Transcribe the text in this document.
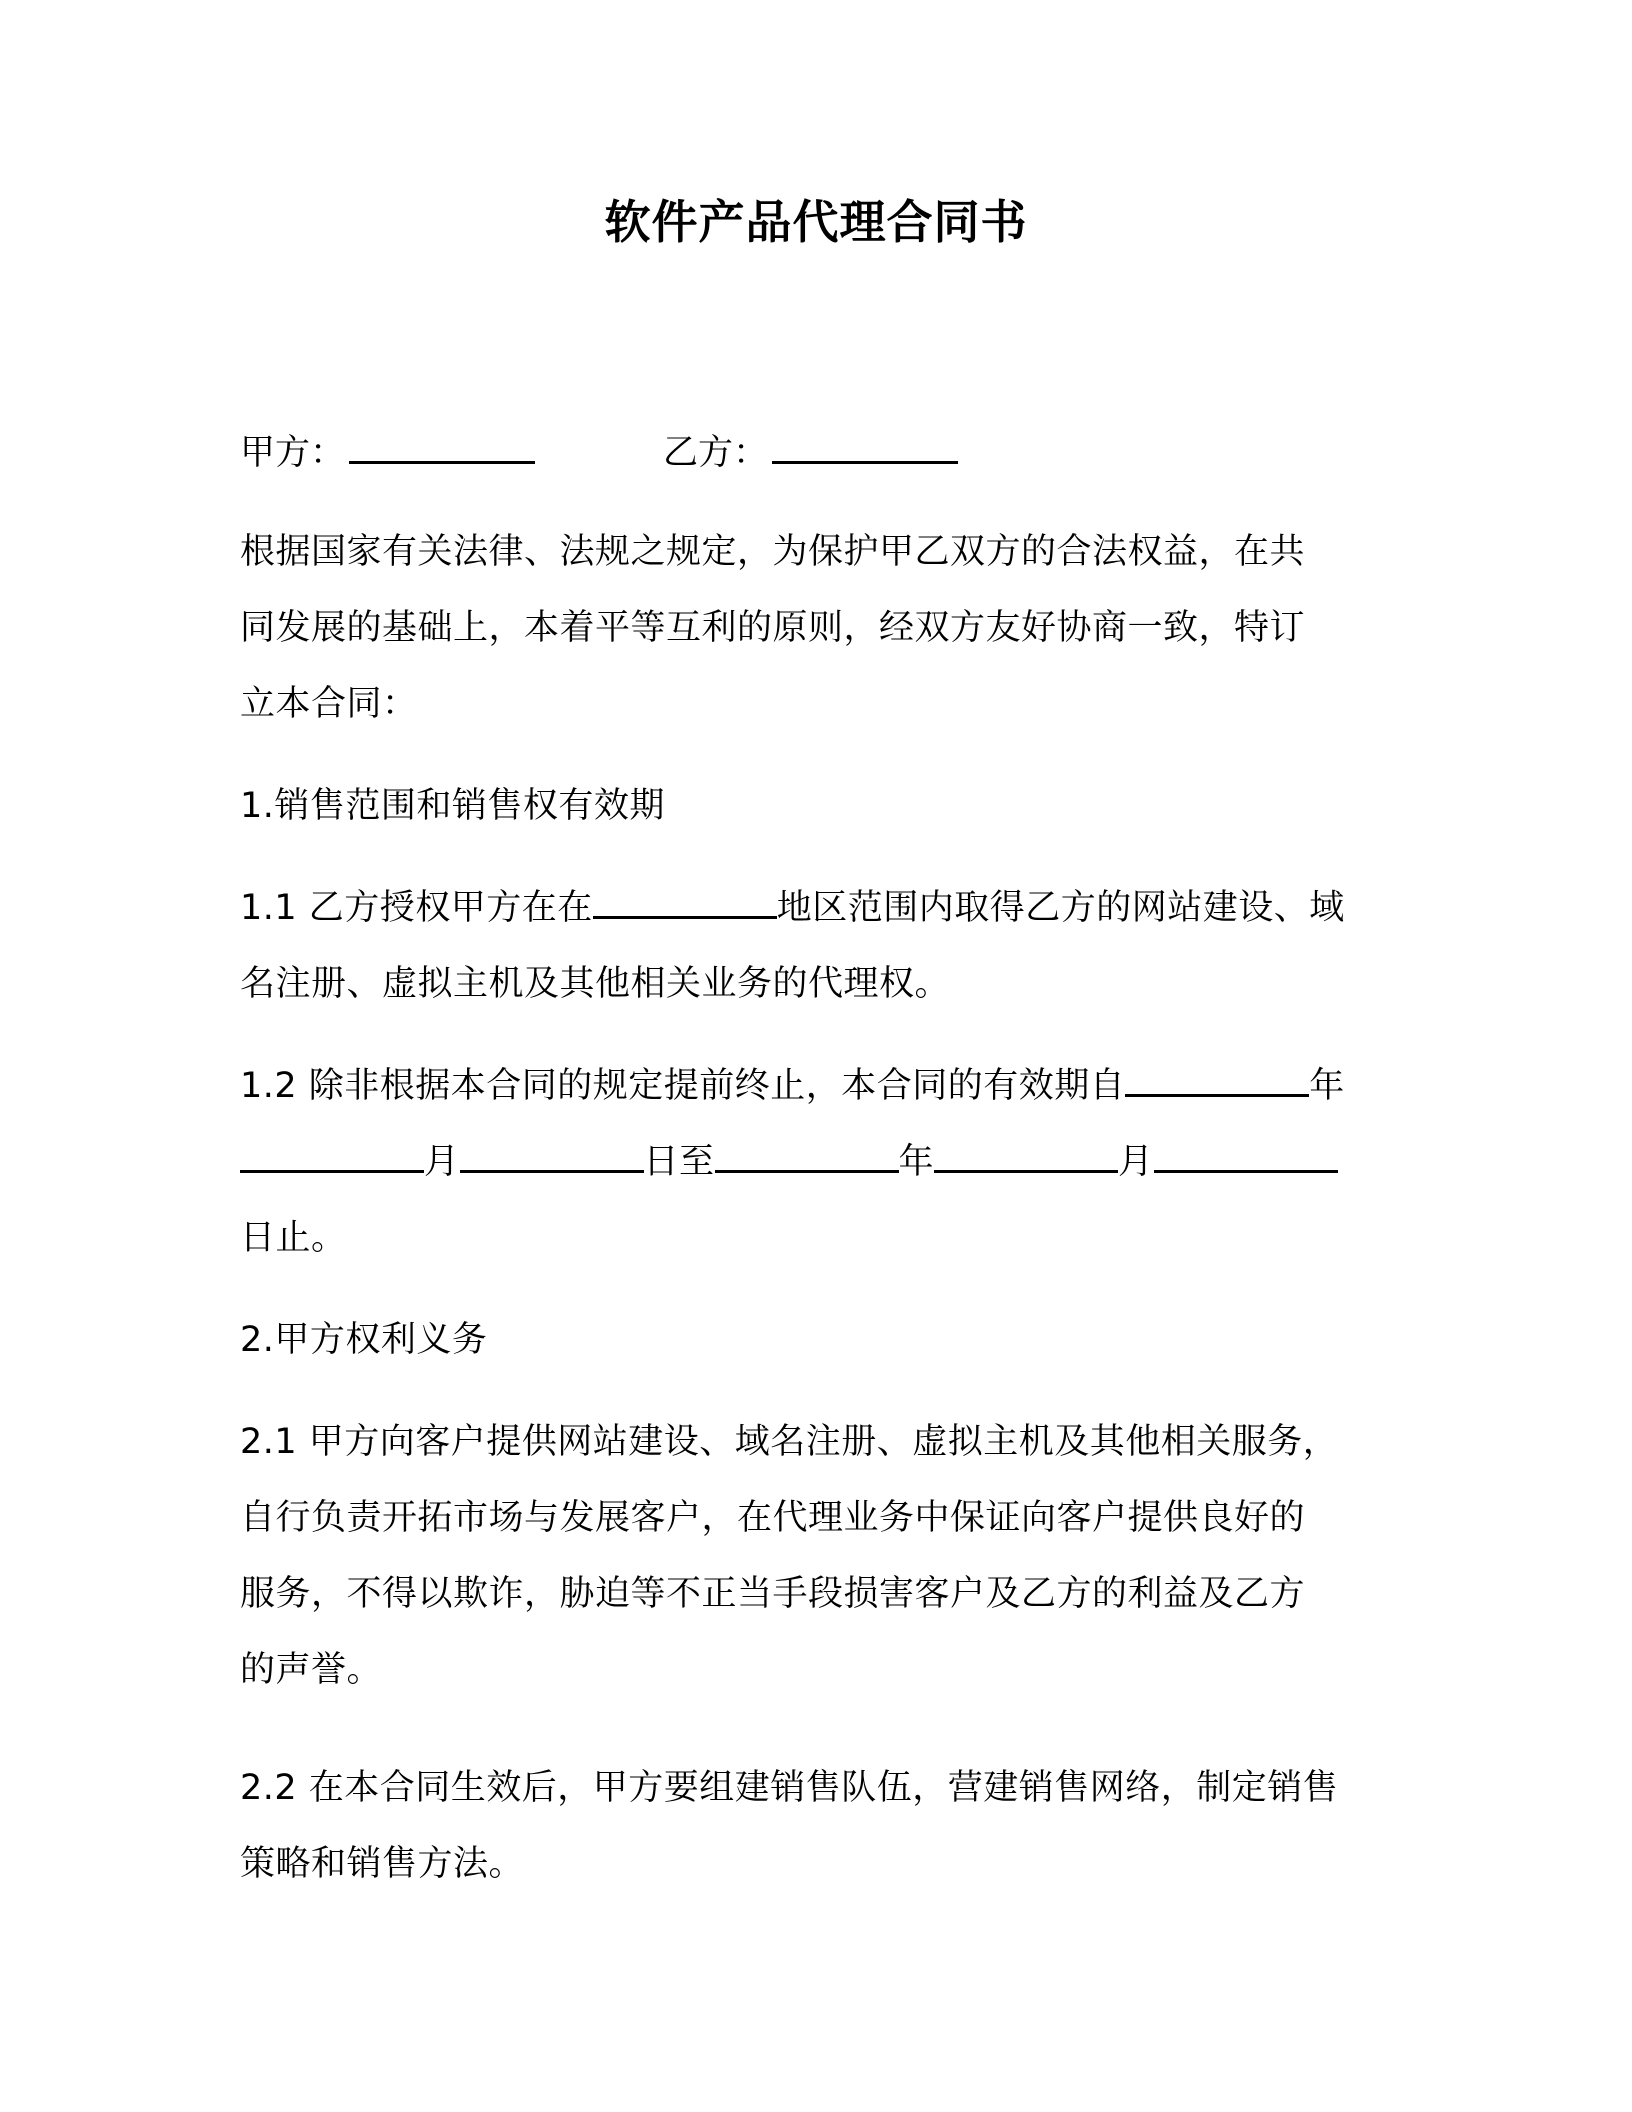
软件产品代理合同书
甲方：	乙方：
根据国家有关法律、法规之规定，为保护甲乙双方的合法权益，在共
同发展的基础上，本着平等互利的原则，经双方友好协商一致，特订
立本合同：
1.销售范围和销售权有效期
1.1 乙方授权甲方在在	地区范围内取得乙方的网站建设、域
名注册、虚拟主机及其他相关业务的代理权。
1.2 除非根据本合同的规定提前终止，本合同的有效期自	年
月	日至	年	月
日止。
2.甲方权利义务
2.1 甲方向客户提供网站建设、域名注册、虚拟主机及其他相关服务，
自行负责开拓市场与发展客户，在代理业务中保证向客户提供良好的
服务，不得以欺诈，胁迫等不正当手段损害客户及乙方的利益及乙方
的声誉。
2.2 在本合同生效后，甲方要组建销售队伍，营建销售网络，制定销售
策略和销售方法。
